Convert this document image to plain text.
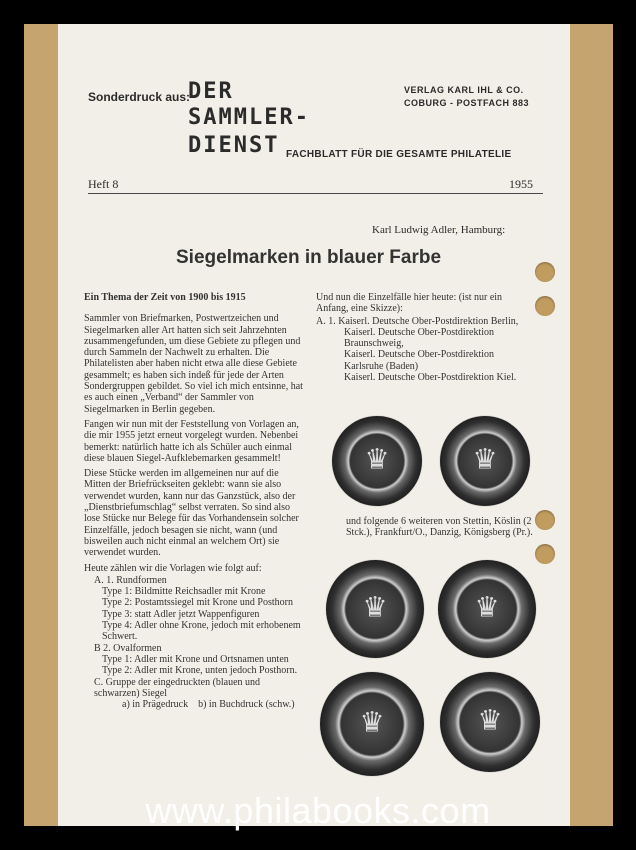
Sonderdruck aus:
DER
SAMMLER-
DIENST FACHBLATT FÜR DIE GESAMTE PHILATELIE
VERLAG KARL IHL & CO.
COBURG - POSTFACH 883
Heft 8	1955
Karl Ludwig Adler, Hamburg:
Siegelmarken in blauer Farbe

Ein Thema der Zeit von 1900 bis 1915

Sammler von Briefmarken, Postwertzeichen und Siegelmarken aller Art hatten sich seit Jahrzehnten zusammengefunden, um diese Gebiete zu pflegen und durch Sammeln der Nachwelt zu erhalten. Die Philatelisten aber haben nicht etwa alle diese Gebiete gesammelt; es haben sich indeß für jede der Arten Sondergruppen gebildet. So viel ich mich entsinne, hat es auch einen „Verband“ der Sammler von Siegelmarken in Berlin gegeben.

Fangen wir nun mit der Feststellung von Vorlagen an, die mir 1955 jetzt erneut vorgelegt wurden. Nebenbei bemerkt: natürlich hatte ich als Schüler auch einmal diese blauen Siegel-Aufklebemarken gesammelt!

Diese Stücke werden im allgemeinen nur auf die Mitten der Briefrückseiten geklebt: wann sie also verwendet wurden, kann nur das Ganzstück, also der „Dienstbriefumschlag“ selbst verraten. So sind also lose Stücke nur Belege für das Vorhandensein solcher Einzelfälle, jedoch besagen sie nicht, wann (und bisweilen auch nicht einmal an welchem Ort) sie verwendet wurden.

Heute zählen wir die Vorlagen wie folgt auf:

A. 1. Rundformen
Type 1: Bildmitte Reichsadler mit Krone
Type 2: Postamtssiegel mit Krone und Posthorn
Type 3: statt Adler jetzt Wappenfiguren
Type 4: Adler ohne Krone, jedoch mit erhobenem Schwert.
B 2. Ovalformen
Type 1: Adler mit Krone und Ortsnamen unten
Type 2: Adler mit Krone, unten jedoch Posthorn.
C. Gruppe der eingedruckten (blauen und schwarzen) Siegel
a) in Prägedruck b) in Buchdruck (schw.)

Und nun die Einzelfälle hier heute: (ist nur ein Anfang, eine Skizze):

A. 1. Kaiserl. Deutsche Ober-Postdirektion Berlin,
Kaiserl. Deutsche Ober-Postdirektion Braunschweig,
Kaiserl. Deutsche Ober-Postdirektion Karlsruhe (Baden)
Kaiserl. Deutsche Ober-Postdirektion Kiel.

und folgende 6 weiteren von Stettin, Köslin (2 Stck.), Frankfurt/O., Danzig, Königsberg (Pr.).

♛	♛
♛	♛
♛	♛
www.philabooks.com
